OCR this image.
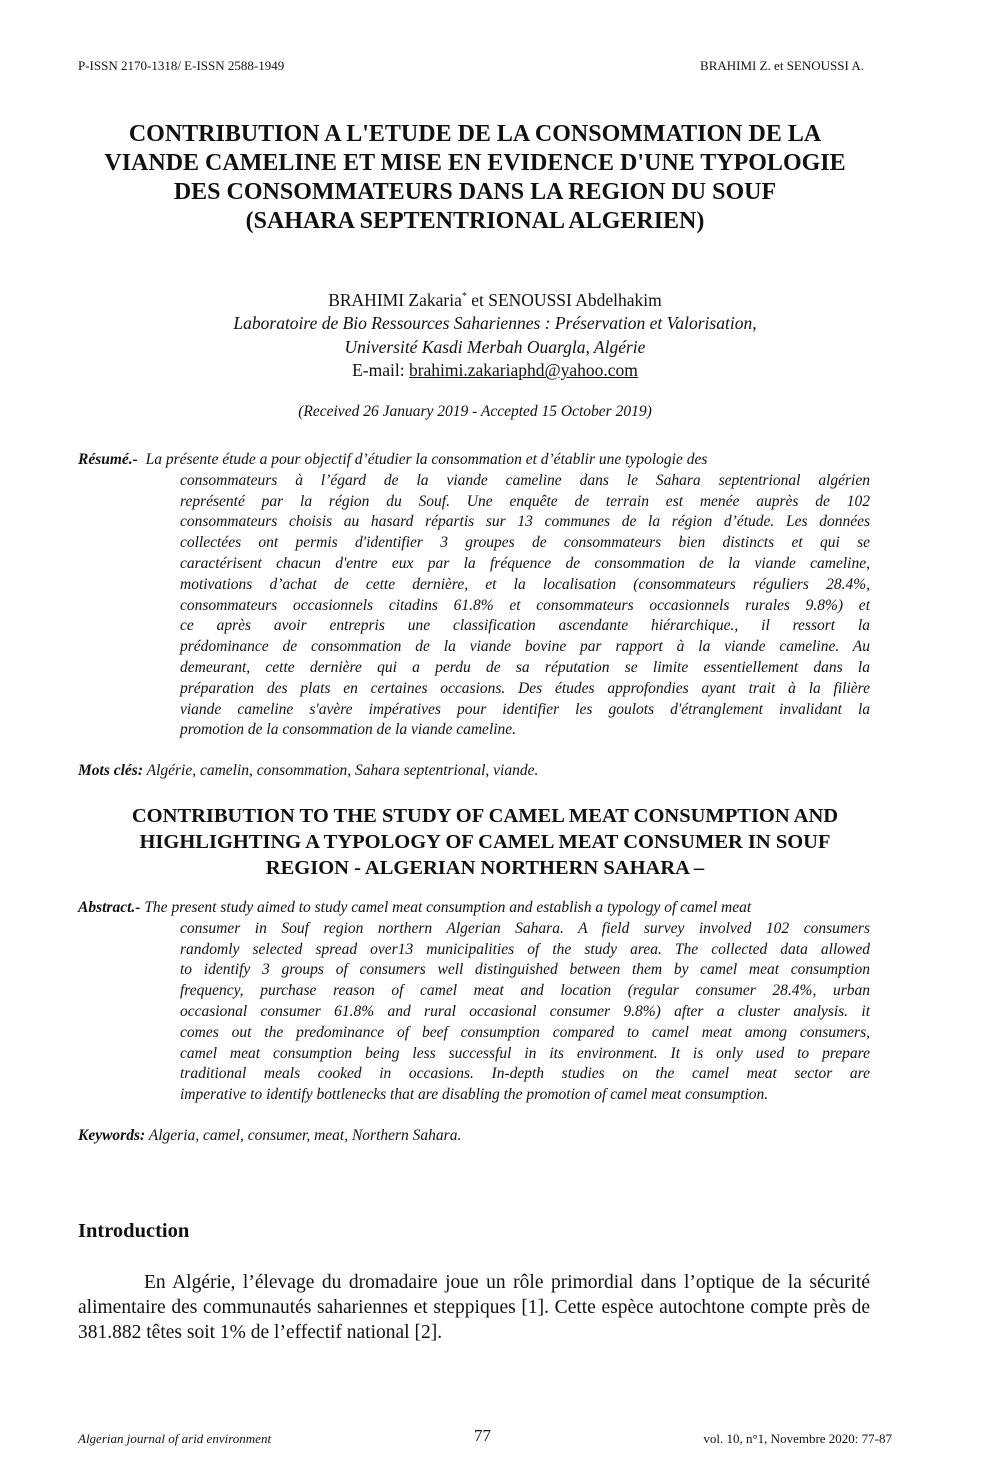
P-ISSN 2170-1318/ E-ISSN 2588-1949	BRAHIMI Z. et SENOUSSI A.
CONTRIBUTION A L'ETUDE DE LA CONSOMMATION DE LA
VIANDE CAMELINE ET MISE EN EVIDENCE D'UNE TYPOLOGIE
DES CONSOMMATEURS DANS LA REGION DU SOUF
(SAHARA SEPTENTRIONAL ALGERIEN)
BRAHIMI Zakaria* et SENOUSSI Abdelhakim
Laboratoire de Bio Ressources Sahariennes : Préservation et Valorisation,
Université Kasdi Merbah Ouargla, Algérie
E-mail: brahimi.zakariaphd@yahoo.com
(Received 26 January 2019 - Accepted 15 October 2019)
Résumé.- La présente étude a pour objectif d’étudier la consommation et d’établir une typologie des
consommateurs à l’égard de la viande cameline dans le Sahara septentrional algérien
représenté par la région du Souf. Une enquête de terrain est menée auprès de 102
consommateurs choisis au hasard répartis sur 13 communes de la région d’étude. Les données
collectées ont permis d'identifier 3 groupes de consommateurs bien distincts et qui se
caractérisent chacun d'entre eux par la fréquence de consommation de la viande cameline,
motivations d’achat de cette dernière, et la localisation (consommateurs réguliers 28.4%,
consommateurs occasionnels citadins 61.8% et consommateurs occasionnels rurales 9.8%) et
ce après avoir entrepris une classification ascendante hiérarchique., il ressort la
prédominance de consommation de la viande bovine par rapport à la viande cameline. Au
demeurant, cette dernière qui a perdu de sa réputation se limite essentiellement dans la
préparation des plats en certaines occasions. Des études approfondies ayant trait à la filière
viande cameline s'avère impératives pour identifier les goulots d'étranglement invalidant la
promotion de la consommation de la viande cameline.
Mots clés: Algérie, camelin, consommation, Sahara septentrional, viande.
CONTRIBUTION TO THE STUDY OF CAMEL MEAT CONSUMPTION AND
HIGHLIGHTING A TYPOLOGY OF CAMEL MEAT CONSUMER IN SOUF
REGION - ALGERIAN NORTHERN SAHARA –
Abstract.- The present study aimed to study camel meat consumption and establish a typology of camel meat
consumer in Souf region northern Algerian Sahara. A field survey involved 102 consumers
randomly selected spread over13 municipalities of the study area. The collected data allowed
to identify 3 groups of consumers well distinguished between them by camel meat consumption
frequency, purchase reason of camel meat and location (regular consumer 28.4%, urban
occasional consumer 61.8% and rural occasional consumer 9.8%) after a cluster analysis. it
comes out the predominance of beef consumption compared to camel meat among consumers,
camel meat consumption being less successful in its environment. It is only used to prepare
traditional meals cooked in occasions. In-depth studies on the camel meat sector are
imperative to identify bottlenecks that are disabling the promotion of camel meat consumption.
Keywords: Algeria, camel, consumer, meat, Northern Sahara.
Introduction
En Algérie, l’élevage du dromadaire joue un rôle primordial dans l’optique de la sécurité alimentaire des communautés sahariennes et steppiques [1]. Cette espèce autochtone compte près de 381.882 têtes soit 1% de l’effectif national [2].
Algerian journal of arid environment	77	vol. 10, n°1, Novembre 2020: 77-87
